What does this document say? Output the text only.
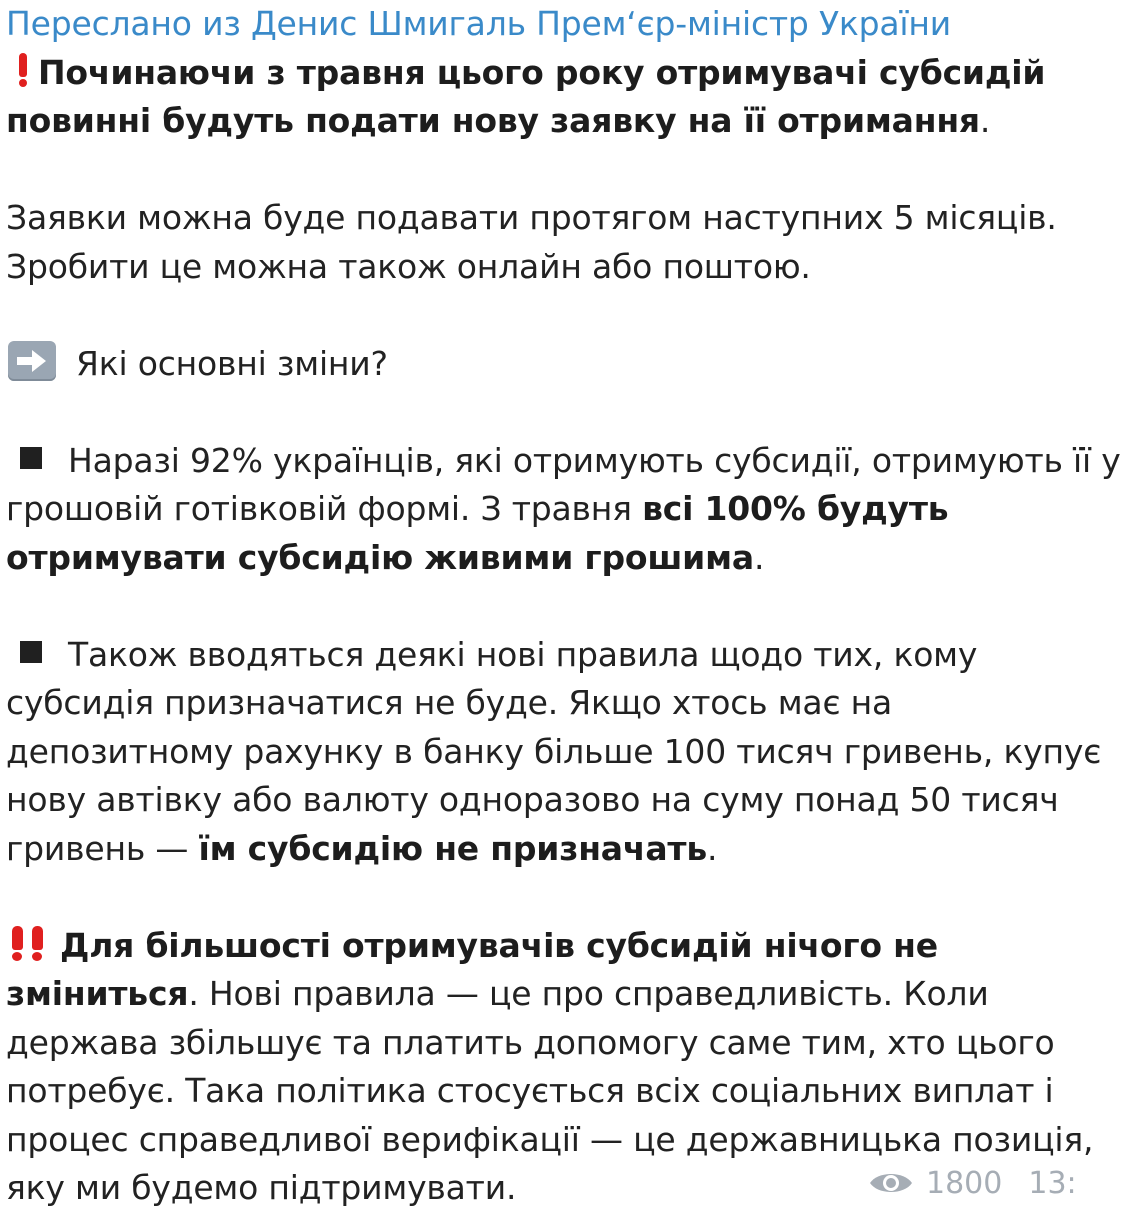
Переслано из Денис Шмигаль Прем‘єр-міністр України

Починаючи з травня цього року отримувачі субсидій повинні будуть подати нову заявку на її отримання.

Заявки можна буде подавати протягом наступних 5 місяців.
Зробити це можна також онлайн або поштою.

Які основні зміни?

Наразі 92% українців, які отримують субсидії, отримують її у грошовій готівковій формі. З травня всі 100% будуть отримувати субсидію живими грошима.

Також вводяться деякі нові правила щодо тих, кому субсидія призначатися не буде. Якщо хтось має на депозитному рахунку в банку більше 100 тисяч гривень, купує нову автівку або валюту одноразово на суму понад 50 тисяч гривень — їм субсидію не призначать.

Для більшості отримувачів субсидій нічого не зміниться. Нові правила — це про справедливість. Коли держава збільшує та платить допомогу саме тим, хто цього потребує. Така політика стосується всіх соціальних виплат і процес справедливої верифікації — це державницька позиція, яку ми будемо підтримувати.	1800 13:
